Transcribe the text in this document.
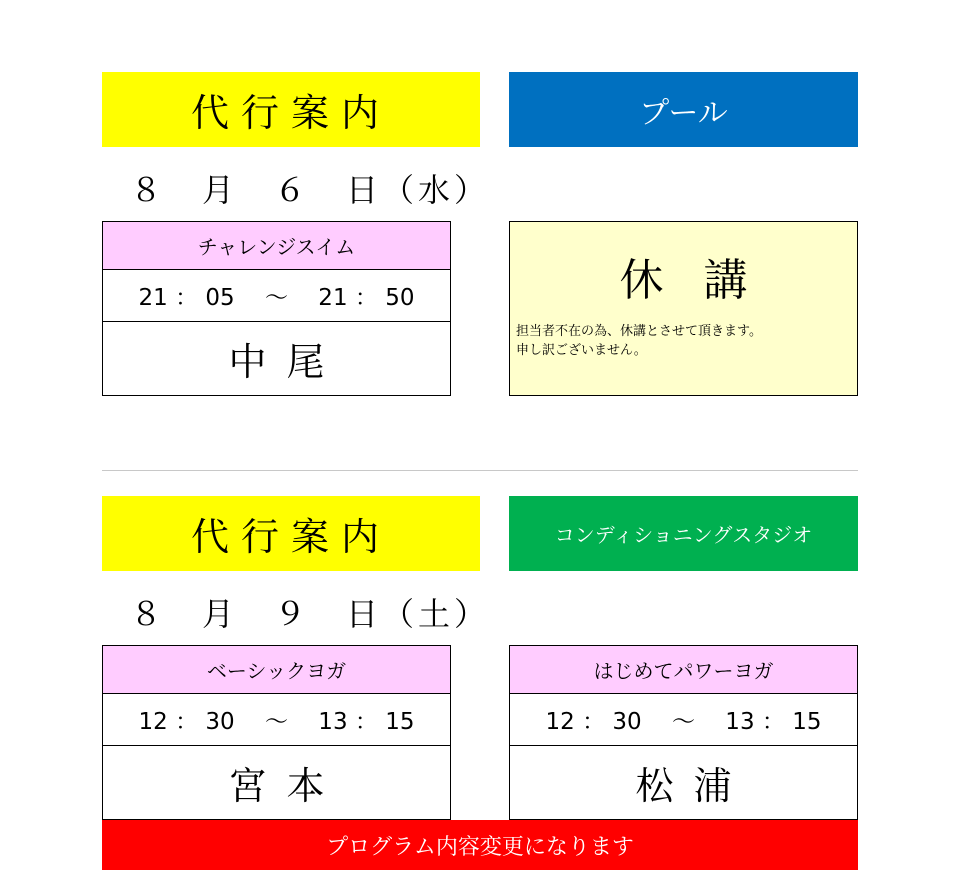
代行案内	プール
８　月　６　日（水）
チャレンジスイム
21 ： 05　 ～　 21 ： 50
中尾
休講
担当者不在の為、休講とさせて頂きます。
申し訳ございません。
代行案内	コンディショニングスタジオ
８　月　９　日（土）
ベーシックヨガ
12 ： 30　 ～　 13 ： 15
宮本
はじめてパワーヨガ
12 ： 30　 ～　 13 ： 15
松浦
プログラム内容変更になります
